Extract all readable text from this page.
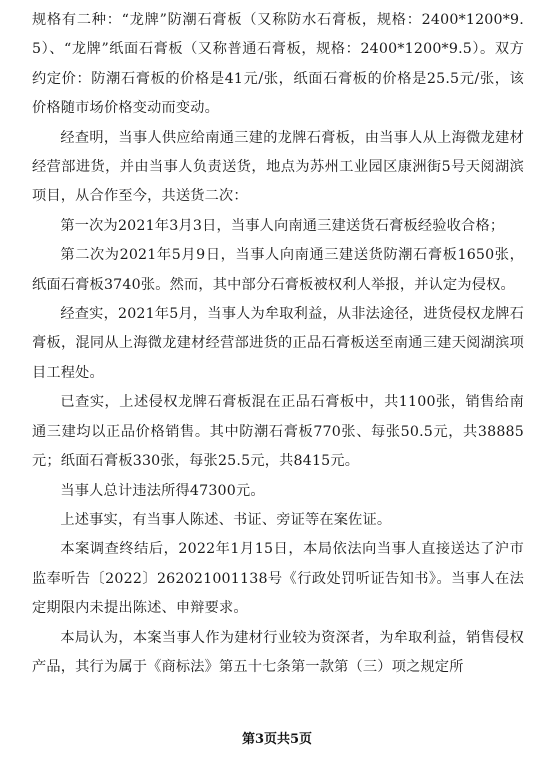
规格有二种：“龙牌”防潮石膏板（又称防水石膏板，规格：2400*1200*9.5）、“龙牌”纸面石膏板（又称普通石膏板，规格：2400*1200*9.5）。双方约定价：防潮石膏板的价格是41元/张，纸面石膏板的价格是25.5元/张，该价格随市场价格变动而变动。

经查明，当事人供应给南通三建的龙牌石膏板，由当事人从上海微龙建材经营部进货，并由当事人负责送货，地点为苏州工业园区康洲街5号天阅湖滨项目，从合作至今，共送货二次：

第一次为2021年3月3日，当事人向南通三建送货石膏板经验收合格；

第二次为2021年5月9日，当事人向南通三建送货防潮石膏板1650张，纸面石膏板3740张。然而，其中部分石膏板被权利人举报，并认定为侵权。

经查实，2021年5月，当事人为牟取利益，从非法途径，进货侵权龙牌石膏板，混同从上海微龙建材经营部进货的正品石膏板送至南通三建天阅湖滨项目工程处。

已查实，上述侵权龙牌石膏板混在正品石膏板中，共1100张，销售给南通三建均以正品价格销售。其中防潮石膏板770张、每张50.5元，共38885元；纸面石膏板330张，每张25.5元，共8415元。

当事人总计违法所得47300元。

上述事实，有当事人陈述、书证、旁证等在案佐证。

本案调查终结后，2022年1月15日，本局依法向当事人直接送达了沪市监奉听告〔2022〕262021001138号《行政处罚听证告知书》。当事人在法定期限内未提出陈述、申辩要求。

本局认为，本案当事人作为建材行业较为资深者，为牟取利益，销售侵权产品，其行为属于《商标法》第五十七条第一款第（三）项之规定所

第3页共5页
